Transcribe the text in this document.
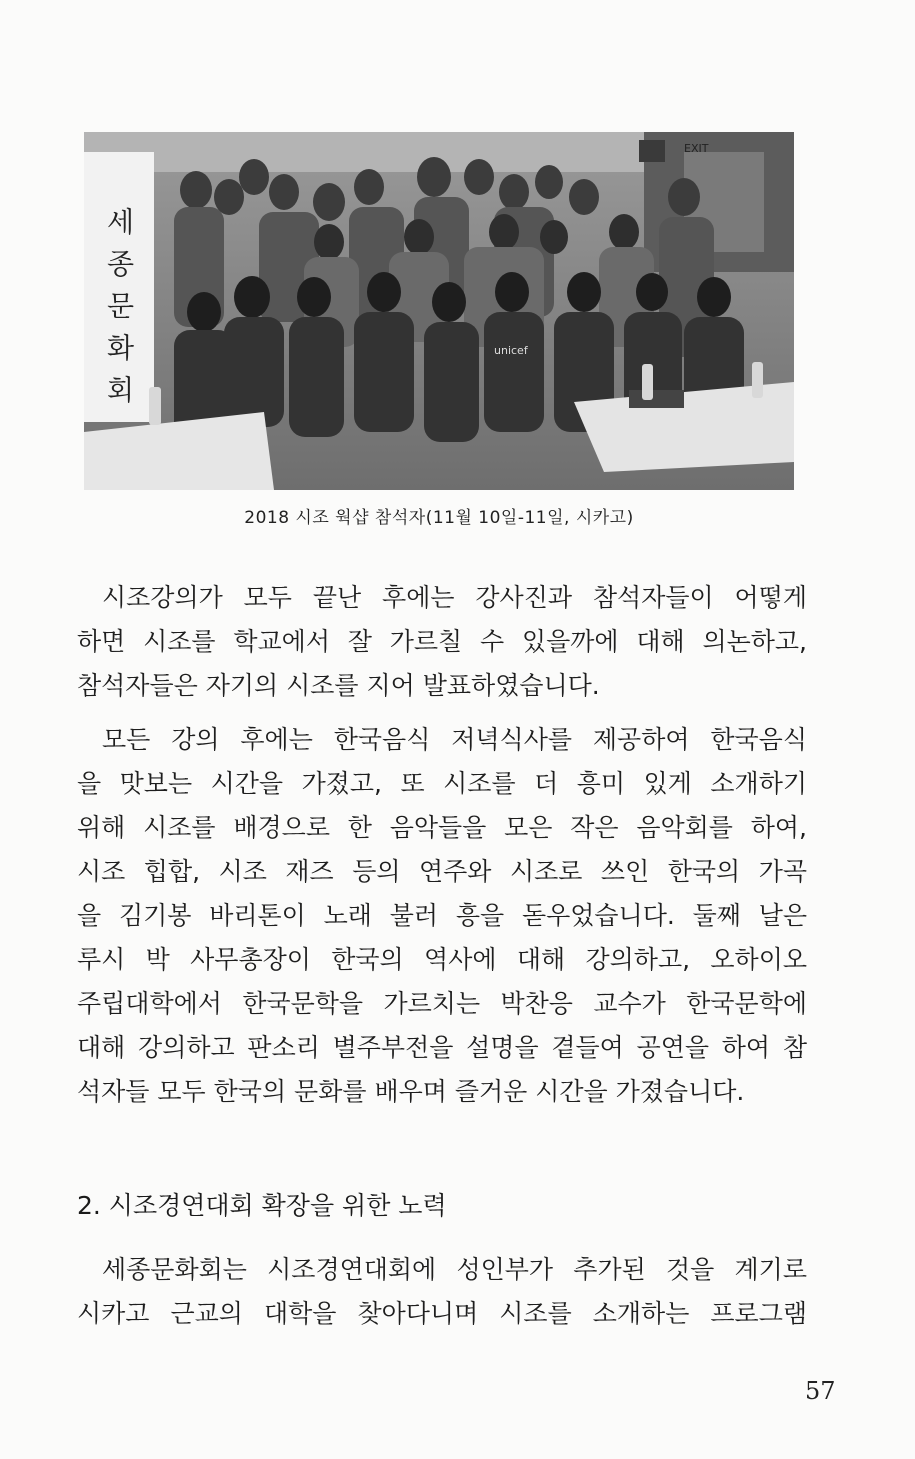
EXIT
세종문화회	unicef
2018 시조 웍샵 참석자(11월 10일-11일, 시카고)
시조강의가 모두 끝난 후에는 강사진과 참석자들이 어떻게
하면 시조를 학교에서 잘 가르칠 수 있을까에 대해 의논하고,
참석자들은 자기의 시조를 지어 발표하였습니다.
모든 강의 후에는 한국음식 저녁식사를 제공하여 한국음식
을 맛보는 시간을 가졌고, 또 시조를 더 흥미 있게 소개하기
위해 시조를 배경으로 한 음악들을 모은 작은 음악회를 하여,
시조 힙합, 시조 재즈 등의 연주와 시조로 쓰인 한국의 가곡
을 김기봉 바리톤이 노래 불러 흥을 돋우었습니다. 둘째 날은
루시 박 사무총장이 한국의 역사에 대해 강의하고, 오하이오
주립대학에서 한국문학을 가르치는 박찬응 교수가 한국문학에
대해 강의하고 판소리 별주부전을 설명을 곁들여 공연을 하여 참
석자들 모두 한국의 문화를 배우며 즐거운 시간을 가졌습니다.
2. 시조경연대회 확장을 위한 노력
세종문화회는 시조경연대회에 성인부가 추가된 것을 계기로
시카고 근교의 대학을 찾아다니며 시조를 소개하는 프로그램
57
